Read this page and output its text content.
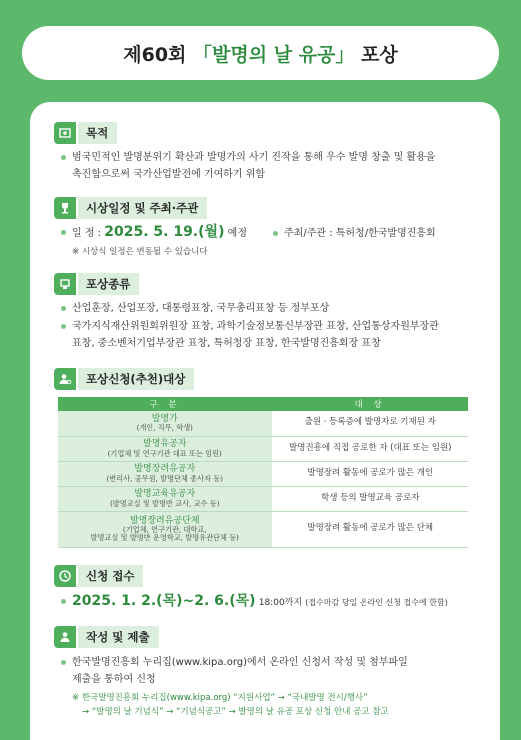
제60회
「발명의 날 유공」
포상
목적
범국민적인 발명분위기 확산과 발명가의 사기 진작을 통해 우수 발명 창출 및 활용을
촉진함으로써 국가산업발전에 기여하기 위함
시상일정 및 주최·주관
일 정 : 2025. 5. 19.(월) 예정	주최/주관 : 특허청/한국발명진흥회
※ 시상식 일정은 변동될 수 있습니다
포상종류
산업훈장, 산업포장, 대통령표창, 국무총리표창 등 정부포상
국가지식재산위원회위원장 표창, 과학기술정보통신부장관 표창, 산업통상자원부장관
표창, 중소벤처기업부장관 표창, 특허청장 표창, 한국발명진흥회장 표창
포상신청(추천)대상
구 분	대 상

발명가
(개인, 직무, 학생)	출원 · 등록증에 발명자로 기재된 자

발명유공자
(기업체 및 연구기관 대표 또는 임원)	발명진흥에 직접 공로한 자 (대표 또는 임원)

발명장려유공자
(변리사, 공무원, 발명단체 종사자 등)	발명장려 활동에 공로가 많은 개인

발명교육유공자
(발명교실 및 발명반 교사, 교수 등)	학생 등의 발명교육 공로자

발명장려유공단체
(기업체, 연구기관, 대학교,
발명교실 및 발명반 운영학교, 발명유관단체 등)	발명장려 활동에 공로가 많은 단체
신청 접수
2025. 1. 2.(목)~2. 6.(목) 18:00까지 (접수마감 당일 온라인 신청 접수에 한함)
작성 및 제출
한국발명진흥회 누리집(www.kipa.org)에서 온라인 신청서 작성 및 첨부파일
제출을 통하여 신청
※ 한국발명진흥회 누리집(www.kipa.org) “지원사업” → “국내발명 전시/행사”
→ “발명의 날 기념식” → “기념식공고” → 발명의 날 유공 포상 신청 안내 공고 참고
